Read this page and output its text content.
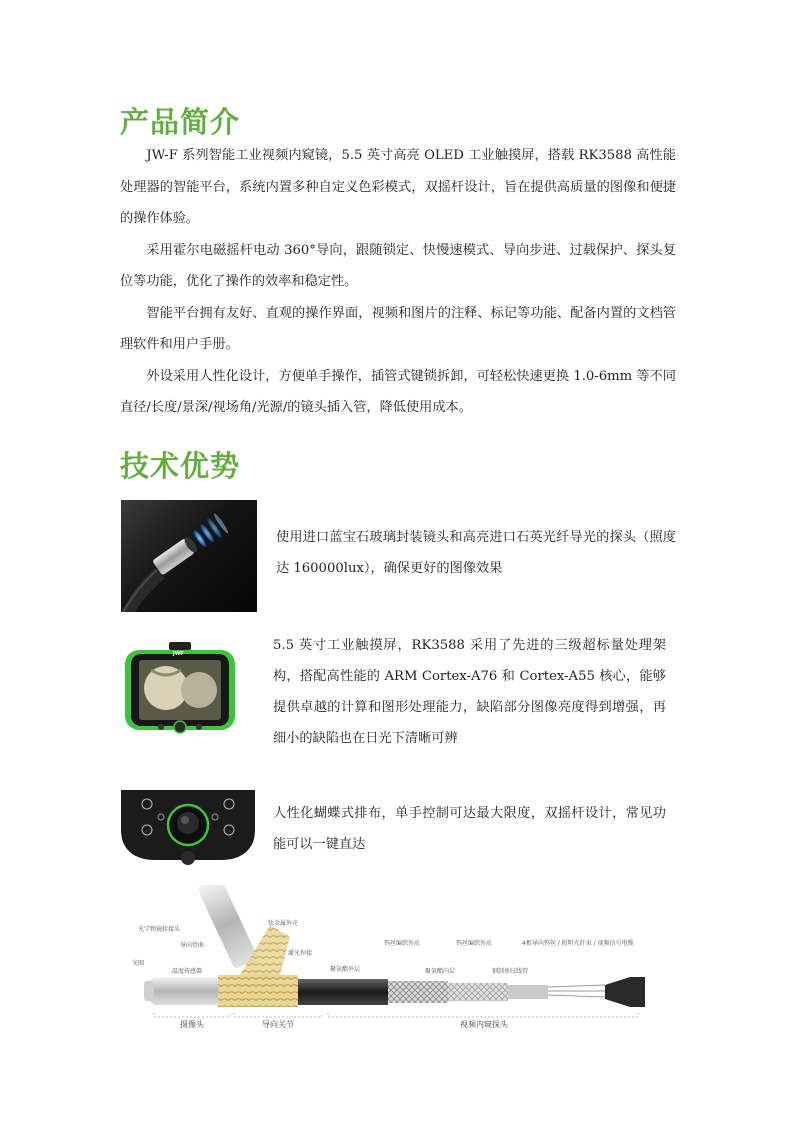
产品简介

JW-F 系列智能工业视频内窥镜，5.5 英寸高亮 OLED 工业触摸屏，搭载 RK3588 高性能处理器的智能平台，系统内置多种自定义色彩模式，双摇杆设计，旨在提供高质量的图像和便捷的操作体验。

采用霍尔电磁摇杆电动 360°导向，跟随锁定、快慢速模式、导向步进、过载保护、探头复位等功能，优化了操作的效率和稳定性。

智能平台拥有友好、直观的操作界面，视频和图片的注释、标记等功能、配备内置的文档管理软件和用户手册。

外设采用人性化设计，方便单手操作，插管式键锁拆卸，可轻松快速更换 1.0-6mm 等不同直径/长度/景深/视场角/光源/的镜头插入管，降低使用成本。

技术优势

使用进口蓝宝石玻璃封装镜头和高亮进口石英光纤导光的探头（照度达 160000lux），确保更好的图像效果

JWF

5.5 英寸工业触摸屏，RK3588 采用了先进的三级超标量处理架构，搭配高性能的 ARM Cortex-A76 和 Cortex-A55 核心，能够提供卓越的计算和图形处理能力，缺陷部分图像亮度得到增强，再细小的缺陷也在日光下清晰可辨

人性化蝴蝶式排布，单手控制可达最大限度，双摇杆设计，常见功能可以一键直达

钛金属外壳
光学物镜转接头
导向骨曲
激光焊接
光圈
温度传感器	聚氨酯外层	聚氨酯内层
钨丝编织外皮	钨丝编织外皮
钢制单绞线管
4根导向钨丝 / 照明光纤束 / 视频信号电缆
摄像头	导向关节	视频内窥探头
